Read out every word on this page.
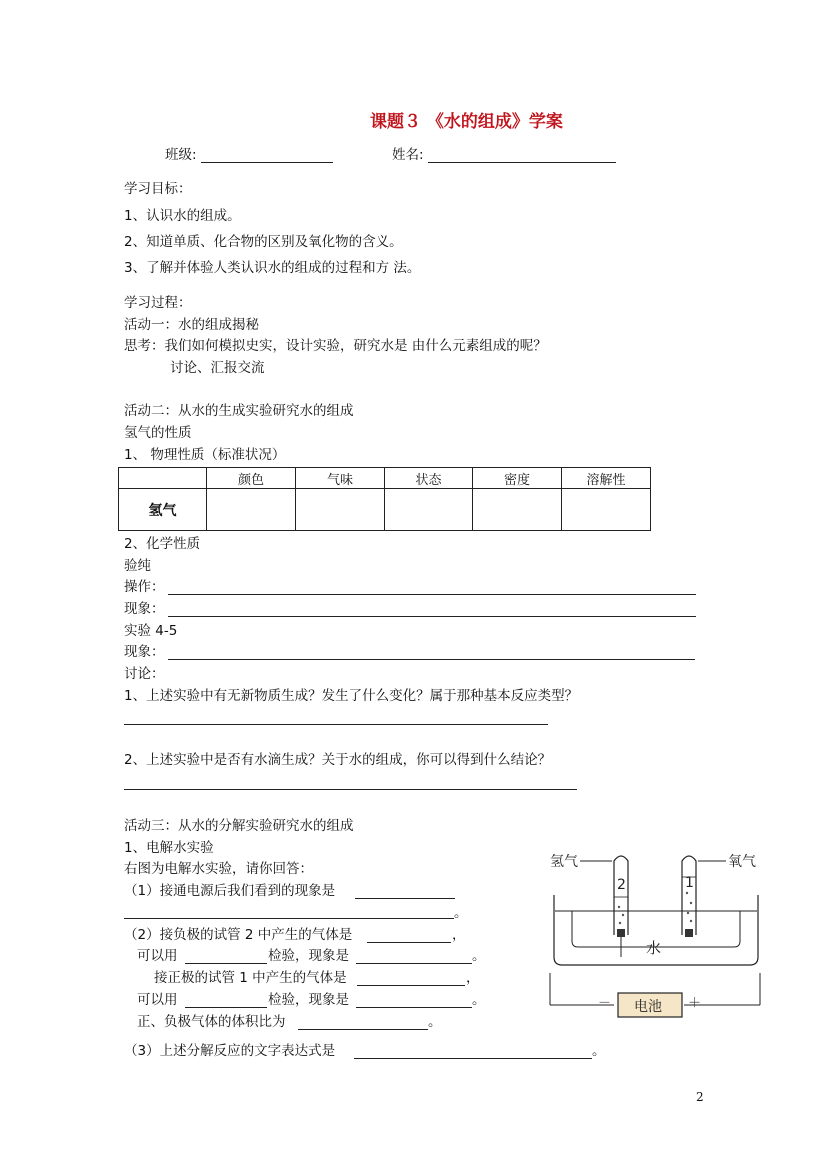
课题３ 《水的组成》学案
班级:	姓名:
学习目标：
1、认识水的组成。
2、知道单质、化合物的区别及氧化物的含义。
3、了解并体验人类认识水的组成的过程和方 法。
学习过程：
活动一：水的组成揭秘
思考：我们如何模拟史实，设计实验，研究水是 由什么元素组成的呢？
讨论、汇报交流
活动二：从水的生成实验研究水的组成
氢气的性质
1、 物理性质（标准状况）
	颜色	气味	状态	密度	溶解性
氢气					
2、化学性质
验纯
操作：
现象：
实验 4-5
现象：
讨论：
1、上述实验中有无新物质生成？发生了什么变化？属于那种基本反应类型？
2、上述实验中是否有水滴生成？关于水的组成，你可以得到什么结论？
活动三：从水的分解实验研究水的组成
1、电解水实验
右图为电解水实验，请你回答：
（1）接通电源后我们看到的现象是
。
（2）接负极的试管 2 中产生的气体是	，
可以用	检验，现象是	。
接正极的试管 1 中产生的气体是	，
可以用	检验，现象是	。
正、负极气体的体积比为	。
（3）上述分解反应的文字表达式是	。
氢气	氧气
2	1
水
电池
－	＋
2
